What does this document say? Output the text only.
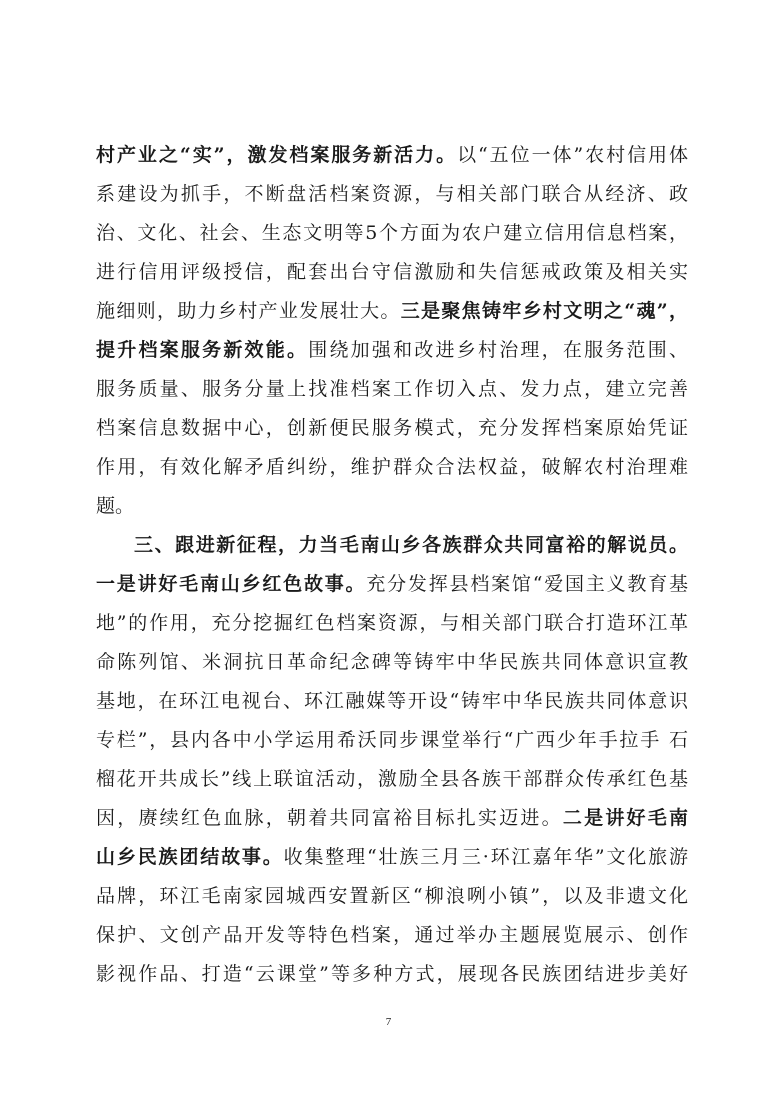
村产业之“实”，激发档案服务新活力。以“五位一体”农村信用体
系建设为抓手，不断盘活档案资源，与相关部门联合从经济、政
治、文化、社会、生态文明等5个方面为农户建立信用信息档案，
进行信用评级授信，配套出台守信激励和失信惩戒政策及相关实
施细则，助力乡村产业发展壮大。三是聚焦铸牢乡村文明之“魂”，
提升档案服务新效能。围绕加强和改进乡村治理，在服务范围、
服务质量、服务分量上找准档案工作切入点、发力点，建立完善
档案信息数据中心，创新便民服务模式，充分发挥档案原始凭证
作用，有效化解矛盾纠纷，维护群众合法权益，破解农村治理难
题。
三、跟进新征程，力当毛南山乡各族群众共同富裕的解说员。
一是讲好毛南山乡红色故事。充分发挥县档案馆“爱国主义教育基
地”的作用，充分挖掘红色档案资源，与相关部门联合打造环江革
命陈列馆、米洞抗日革命纪念碑等铸牢中华民族共同体意识宣教
基地，在环江电视台、环江融媒等开设“铸牢中华民族共同体意识
专栏”，县内各中小学运用希沃同步课堂举行“广西少年手拉手 石
榴花开共成长”线上联谊活动，激励全县各族干部群众传承红色基
因，赓续红色血脉，朝着共同富裕目标扎实迈进。二是讲好毛南
山乡民族团结故事。收集整理“壮族三月三·环江嘉年华”文化旅游
品牌，环江毛南家园城西安置新区“柳浪咧小镇”，以及非遗文化
保护、文创产品开发等特色档案，通过举办主题展览展示、创作
影视作品、打造“云课堂”等多种方式，展现各民族团结进步美好
7
